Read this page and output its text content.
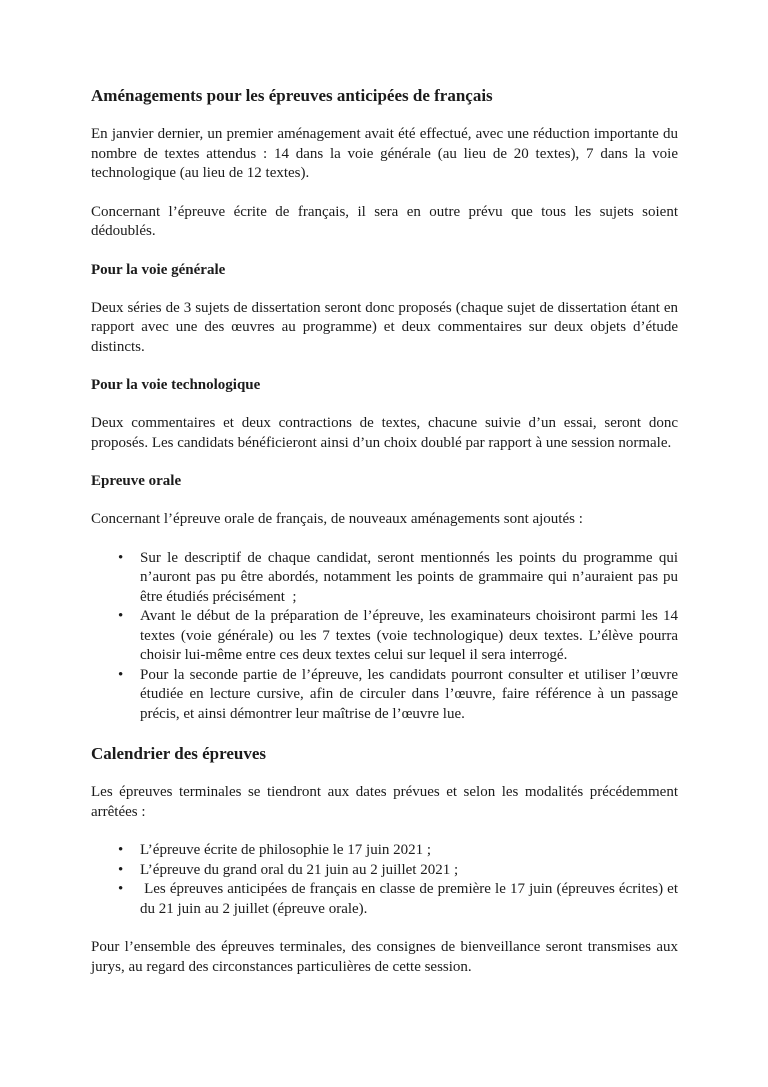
Aménagements pour les épreuves anticipées de français

En janvier dernier, un premier aménagement avait été effectué, avec une réduction importante du nombre de textes attendus : 14 dans la voie générale (au lieu de 20 textes), 7 dans la voie technologique (au lieu de 12 textes).

Concernant l’épreuve écrite de français, il sera en outre prévu que tous les sujets soient dédoublés.

Pour la voie générale

Deux séries de 3 sujets de dissertation seront donc proposés (chaque sujet de dissertation étant en rapport avec une des œuvres au programme) et deux commentaires sur deux objets d’étude distincts.

Pour la voie technologique

Deux commentaires et deux contractions de textes, chacune suivie d’un essai, seront donc proposés. Les candidats bénéficieront ainsi d’un choix doublé par rapport à une session normale.

Epreuve orale

Concernant l’épreuve orale de français, de nouveaux aménagements sont ajoutés :

• Sur le descriptif de chaque candidat, seront mentionnés les points du programme qui n’auront pas pu être abordés, notamment les points de grammaire qui n’auraient pas pu être étudiés précisément  ;
• Avant le début de la préparation de l’épreuve, les examinateurs choisiront parmi les 14 textes (voie générale) ou les 7 textes (voie technologique) deux textes. L’élève pourra choisir lui-même entre ces deux textes celui sur lequel il sera interrogé.
• Pour la seconde partie de l’épreuve, les candidats pourront consulter et utiliser l’œuvre étudiée en lecture cursive, afin de circuler dans l’œuvre, faire référence à un passage précis, et ainsi démontrer leur maîtrise de l’œuvre lue.
Calendrier des épreuves

Les épreuves terminales se tiendront aux dates prévues et selon les modalités précédemment arrêtées :

• L’épreuve écrite de philosophie le 17 juin 2021 ;
• L’épreuve du grand oral du 21 juin au 2 juillet 2021 ;
•  Les épreuves anticipées de français en classe de première le 17 juin (épreuves écrites) et du 21 juin au 2 juillet (épreuve orale).

Pour l’ensemble des épreuves terminales, des consignes de bienveillance seront transmises aux jurys, au regard des circonstances particulières de cette session.
